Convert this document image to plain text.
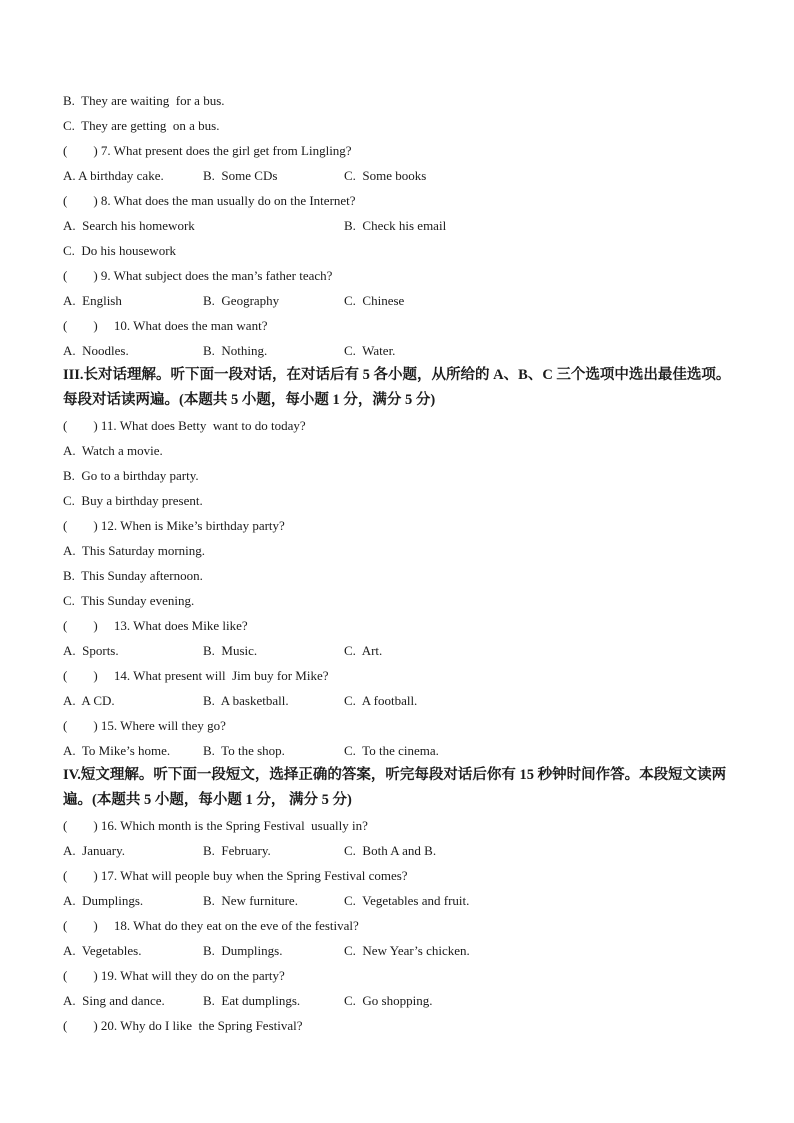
B.  They are waiting  for a bus.
C.  They are getting  on a bus.
(        ) 7. What present does the girl get from Lingling?
A. A birthday cake.	B.  Some CDs	C.  Some books
(        ) 8. What does the man usually do on the Internet?
A.  Search his homework	B.  Check his email
C.  Do his housework
(        ) 9. What subject does the man’s father teach?
A.  English	B.  Geography	C.  Chinese
(        )     10. What does the man want?
A.  Noodles.	B.  Nothing.	C.  Water.
III.长对话理解。听下面一段对话，在对话后有 5 各小题，从所给的 A、B、C 三个选项中选出最佳选项。每段对话读两遍。(本题共 5 小题，每小题 1 分，满分 5 分)
(        ) 11. What does Betty  want to do today?
A.  Watch a movie.
B.  Go to a birthday party.
C.  Buy a birthday present.
(        ) 12. When is Mike’s birthday party?
A.  This Saturday morning.
B.  This Sunday afternoon.
C.  This Sunday evening.
(        )     13. What does Mike like?
A.  Sports.	B.  Music.	C.  Art.
(        )     14. What present will  Jim buy for Mike?
A.  A CD.	B.  A basketball.	C.  A football.
(        ) 15. Where will they go?
A.  To Mike’s home.	B.  To the shop.	C.  To the cinema.
IV.短文理解。听下面一段短文，选择正确的答案，听完每段对话后你有 15 秒钟时间作答。本段短文读两遍。(本题共 5 小题，每小题 1 分， 满分 5 分)
(        ) 16. Which month is the Spring Festival  usually in?
A.  January.	B.  February.	C.  Both A and B.
(        ) 17. What will people buy when the Spring Festival comes?
A.  Dumplings.	B.  New furniture.	C.  Vegetables and fruit.
(        )     18. What do they eat on the eve of the festival?
A.  Vegetables.	B.  Dumplings.	C.  New Year’s chicken.
(        ) 19. What will they do on the party?
A.  Sing and dance.	B.  Eat dumplings.	C.  Go shopping.
(        ) 20. Why do I like  the Spring Festival?
